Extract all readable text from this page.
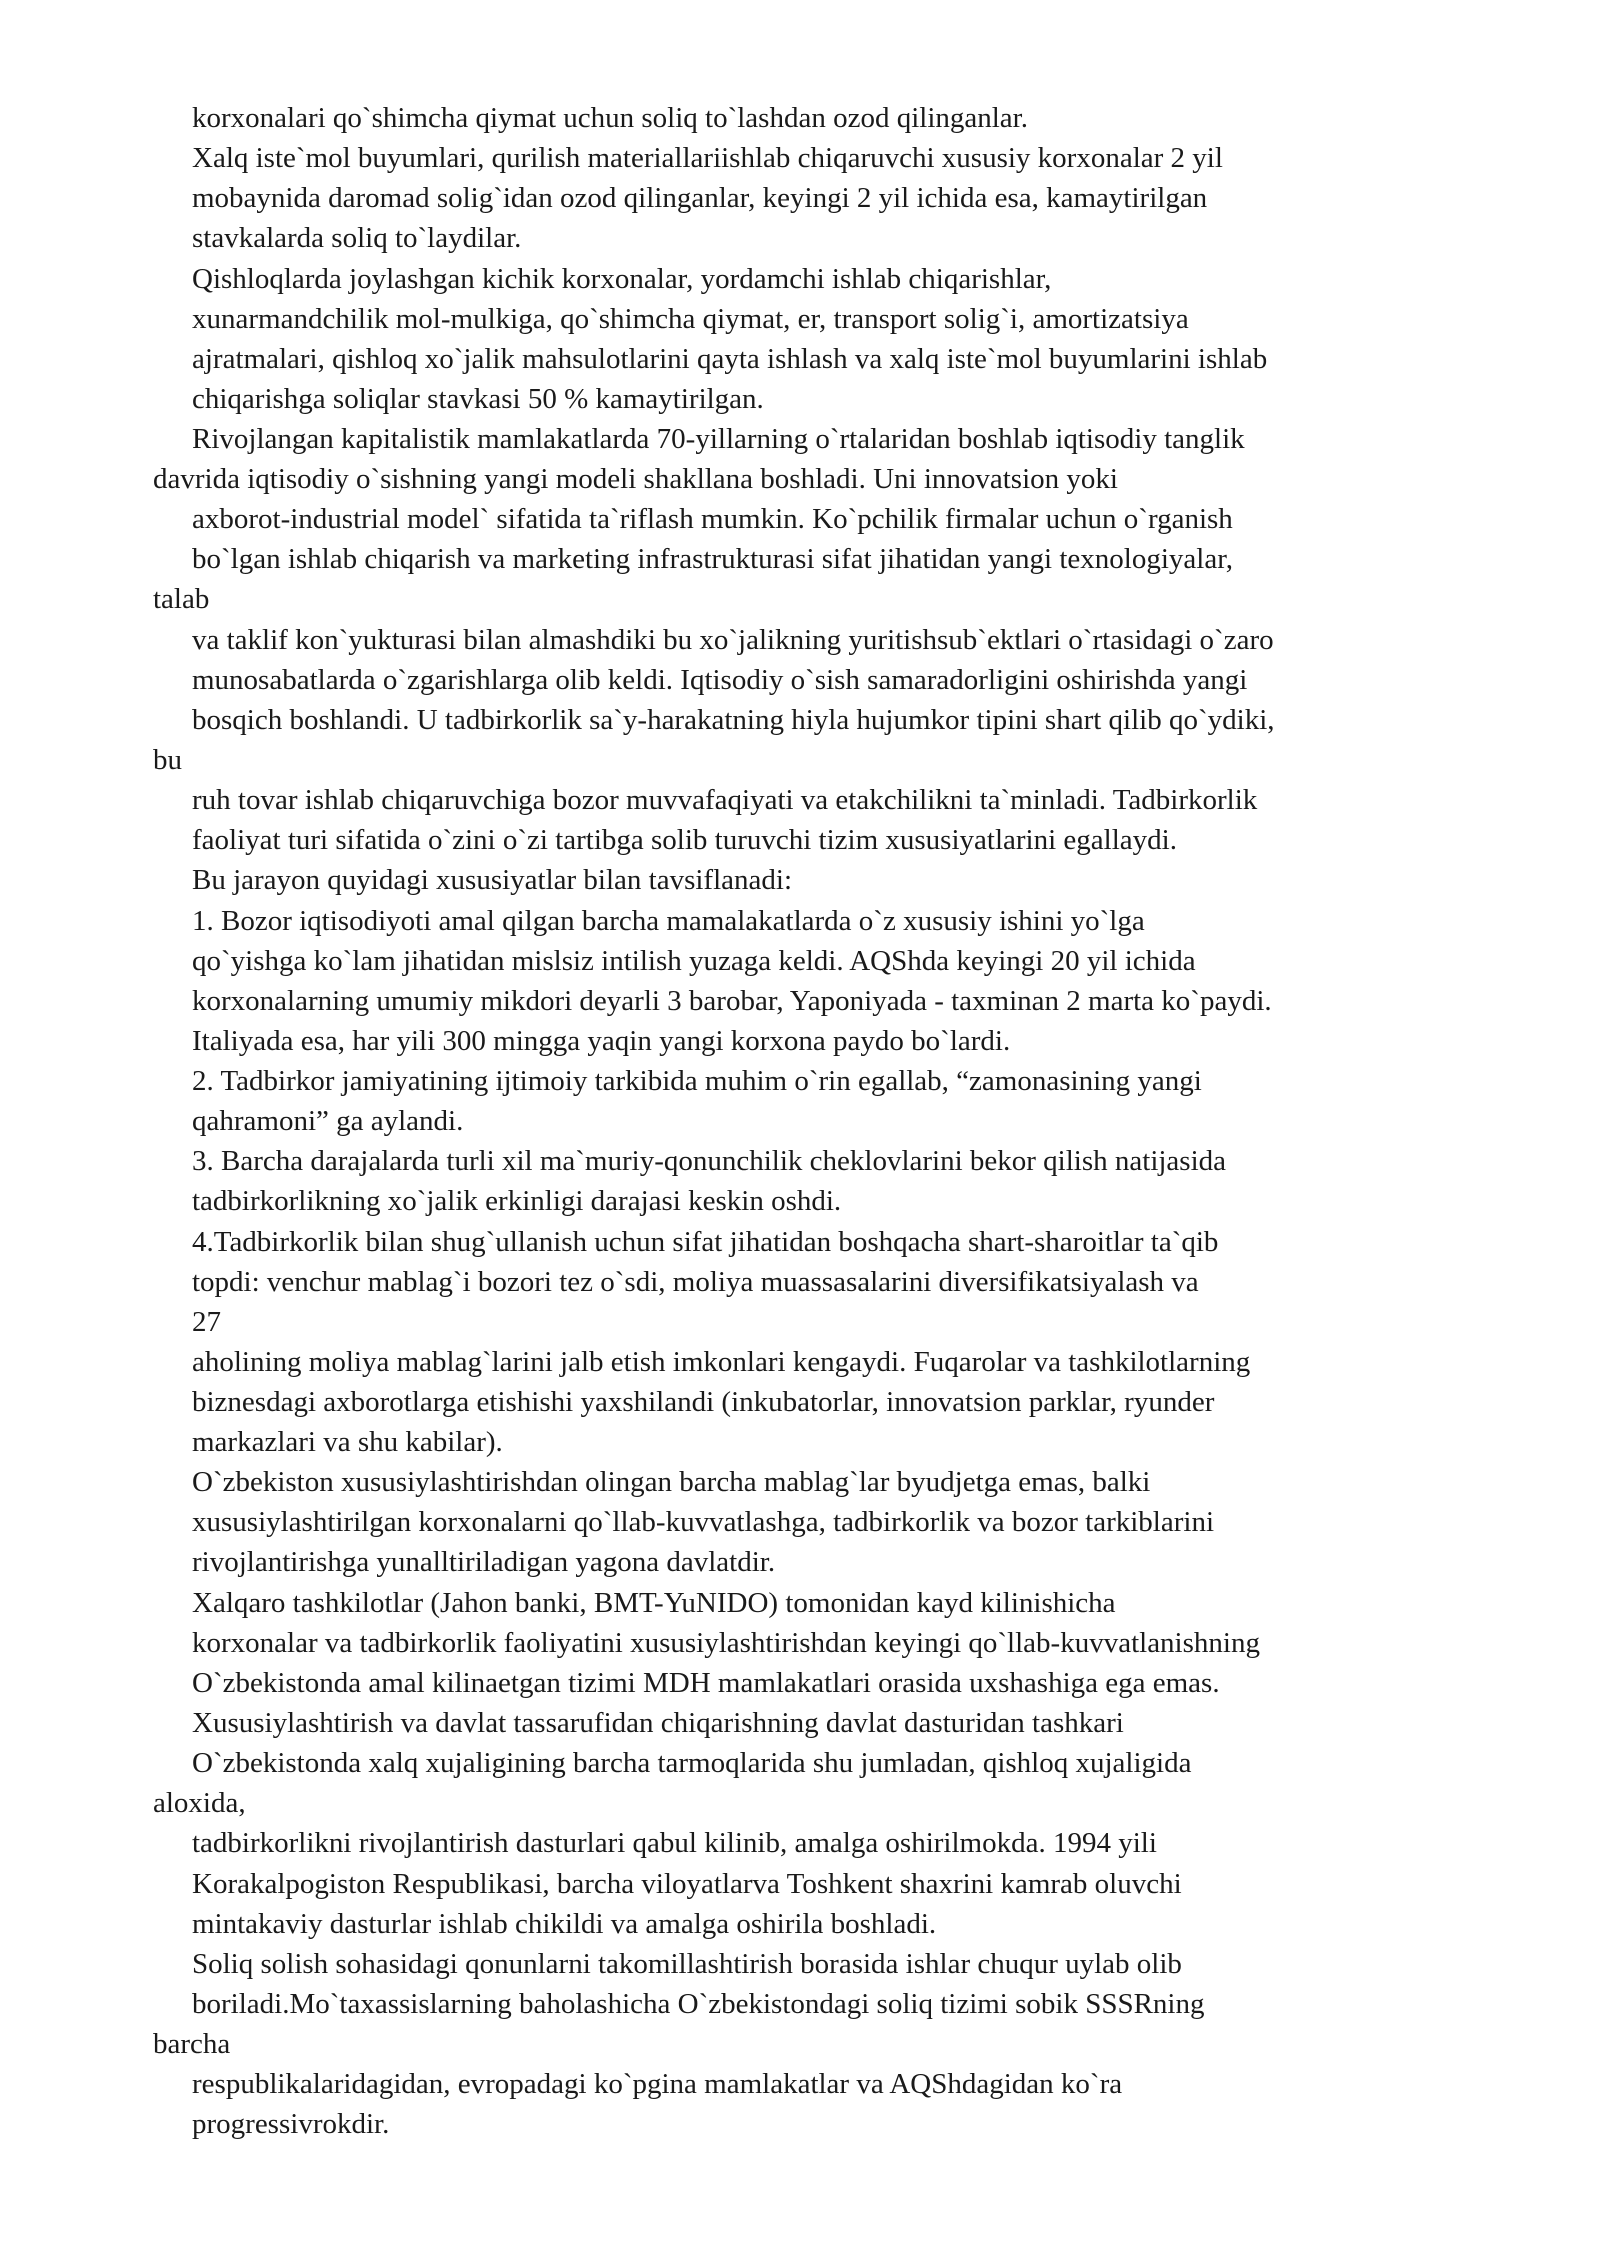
korxonalari qo`shimcha qiymat uchun soliq to`lashdan ozod qilinganlar.

Xalq iste`mol buyumlari, qurilish materiallariishlab chiqaruvchi xususiy korxonalar 2 yil

mobaynida daromad solig`idan ozod qilinganlar, keyingi 2 yil ichida esa, kamaytirilgan

stavkalarda soliq to`laydilar.

Qishloqlarda joylashgan kichik korxonalar, yordamchi ishlab chiqarishlar,

xunarmandchilik mol-mulkiga, qo`shimcha qiymat, er, transport solig`i, amortizatsiya

ajratmalari, qishloq xo`jalik mahsulotlarini qayta ishlash va xalq iste`mol buyumlarini ishlab

chiqarishga soliqlar stavkasi 50 % kamaytirilgan.

Rivojlangan kapitalistik mamlakatlarda 70-yillarning o`rtalaridan boshlab iqtisodiy tanglik

davrida iqtisodiy o`sishning yangi modeli shakllana boshladi. Uni innovatsion yoki

axborot-industrial model` sifatida ta`riflash mumkin. Ko`pchilik firmalar uchun o`rganish

bo`lgan ishlab chiqarish va marketing infrastrukturasi sifat jihatidan yangi texnologiyalar,

talab

va taklif kon`yukturasi bilan almashdiki bu xo`jalikning yuritishsub`ektlari o`rtasidagi o`zaro

munosabatlarda o`zgarishlarga olib keldi. Iqtisodiy o`sish samaradorligini oshirishda yangi

bosqich boshlandi. U tadbirkorlik sa`y-harakatning hiyla hujumkor tipini shart qilib qo`ydiki,

bu

ruh tovar ishlab chiqaruvchiga bozor muvvafaqiyati va etakchilikni ta`minladi. Tadbirkorlik

faoliyat turi sifatida o`zini o`zi tartibga solib turuvchi tizim xususiyatlarini egallaydi.

Bu jarayon quyidagi xususiyatlar bilan tavsiflanadi:

1. Bozor iqtisodiyoti amal qilgan barcha mamalakatlarda o`z xususiy ishini yo`lga

qo`yishga ko`lam jihatidan mislsiz intilish yuzaga keldi. AQShda keyingi 20 yil ichida

korxonalarning umumiy mikdori deyarli 3 barobar, Yaponiyada - taxminan 2 marta ko`paydi.

Italiyada esa, har yili 300 mingga yaqin yangi korxona paydo bo`lardi.

2. Tadbirkor jamiyatining ijtimoiy tarkibida muhim o`rin egallab, “zamonasining yangi

qahramoni” ga aylandi.

3. Barcha darajalarda turli xil ma`muriy-qonunchilik cheklovlarini bekor qilish natijasida

tadbirkorlikning xo`jalik erkinligi darajasi keskin oshdi.

4.Tadbirkorlik bilan shug`ullanish uchun sifat jihatidan boshqacha shart-sharoitlar ta`qib

topdi: venchur mablag`i bozori tez o`sdi, moliya muassasalarini diversifikatsiyalash va

27

aholining moliya mablag`larini jalb etish imkonlari kengaydi. Fuqarolar va tashkilotlarning

biznesdagi axborotlarga etishishi yaxshilandi (inkubatorlar, innovatsion parklar, ryunder

markazlari va shu kabilar).

O`zbekiston xususiylashtirishdan olingan barcha mablag`lar byudjetga emas, balki

xususiylashtirilgan korxonalarni qo`llab-kuvvatlashga, tadbirkorlik va bozor tarkiblarini

rivojlantirishga yunalltiriladigan yagona davlatdir.

Xalqaro tashkilotlar (Jahon banki, BMT-YuNIDO) tomonidan kayd kilinishicha

korxonalar va tadbirkorlik faoliyatini xususiylashtirishdan keyingi qo`llab-kuvvatlanishning

O`zbekistonda amal kilinaetgan tizimi MDH mamlakatlari orasida uxshashiga ega emas.

Xususiylashtirish va davlat tassarufidan chiqarishning davlat dasturidan tashkari

O`zbekistonda xalq xujaligining barcha tarmoqlarida shu jumladan, qishloq xujaligida

aloxida,

tadbirkorlikni rivojlantirish dasturlari qabul kilinib, amalga oshirilmokda. 1994 yili

Korakalpogiston Respublikasi, barcha viloyatlarva Toshkent shaxrini kamrab oluvchi

mintakaviy dasturlar ishlab chikildi va amalga oshirila boshladi.

Soliq solish sohasidagi qonunlarni takomillashtirish borasida ishlar chuqur uylab olib

boriladi.Mo`taxassislarning baholashicha O`zbekistondagi soliq tizimi sobik SSSRning

barcha

respublikalaridagidan, evropadagi ko`pgina mamlakatlar va AQShdagidan ko`ra

progressivrokdir.
